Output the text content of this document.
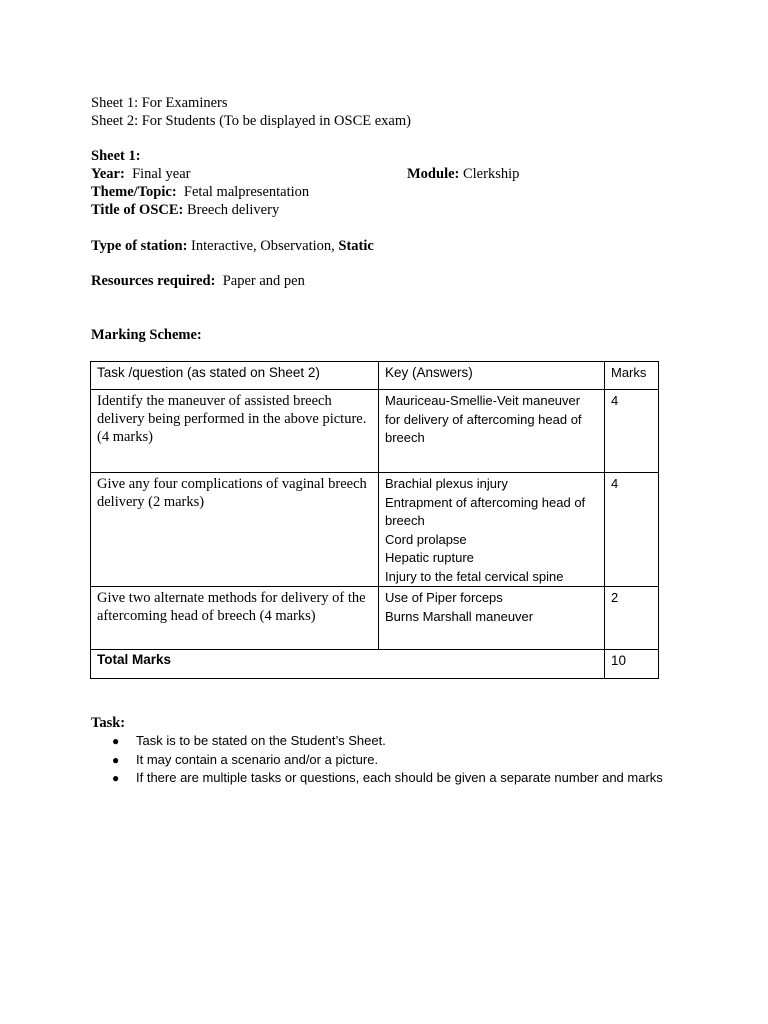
Sheet 1: For Examiners
Sheet 2: For Students (To be displayed in OSCE exam)
Sheet 1:
Year: Final year	Module: Clerkship
Theme/Topic: Fetal malpresentation
Title of OSCE: Breech delivery
Type of station: Interactive, Observation, Static
Resources required: Paper and pen
Marking Scheme:
Task /question (as stated on Sheet 2)	Key (Answers)	Marks
Identify the maneuver of assisted breech delivery being performed in the above picture. (4 marks)	Mauriceau-Smellie-Veit maneuver for delivery of aftercoming head of breech	4
Give any four complications of vaginal breech delivery (2 marks)	Brachial plexus injury
Entrapment of aftercoming head of breech
Cord prolapse
Hepatic rupture
Injury to the fetal cervical spine	4
Give two alternate methods for delivery of the aftercoming head of breech (4 marks)	Use of Piper forceps
Burns Marshall maneuver	2
Total Marks		10
Task:
● Task is to be stated on the Student’s Sheet.
● It may contain a scenario and/or a picture.
● If there are multiple tasks or questions, each should be given a separate number and marks
